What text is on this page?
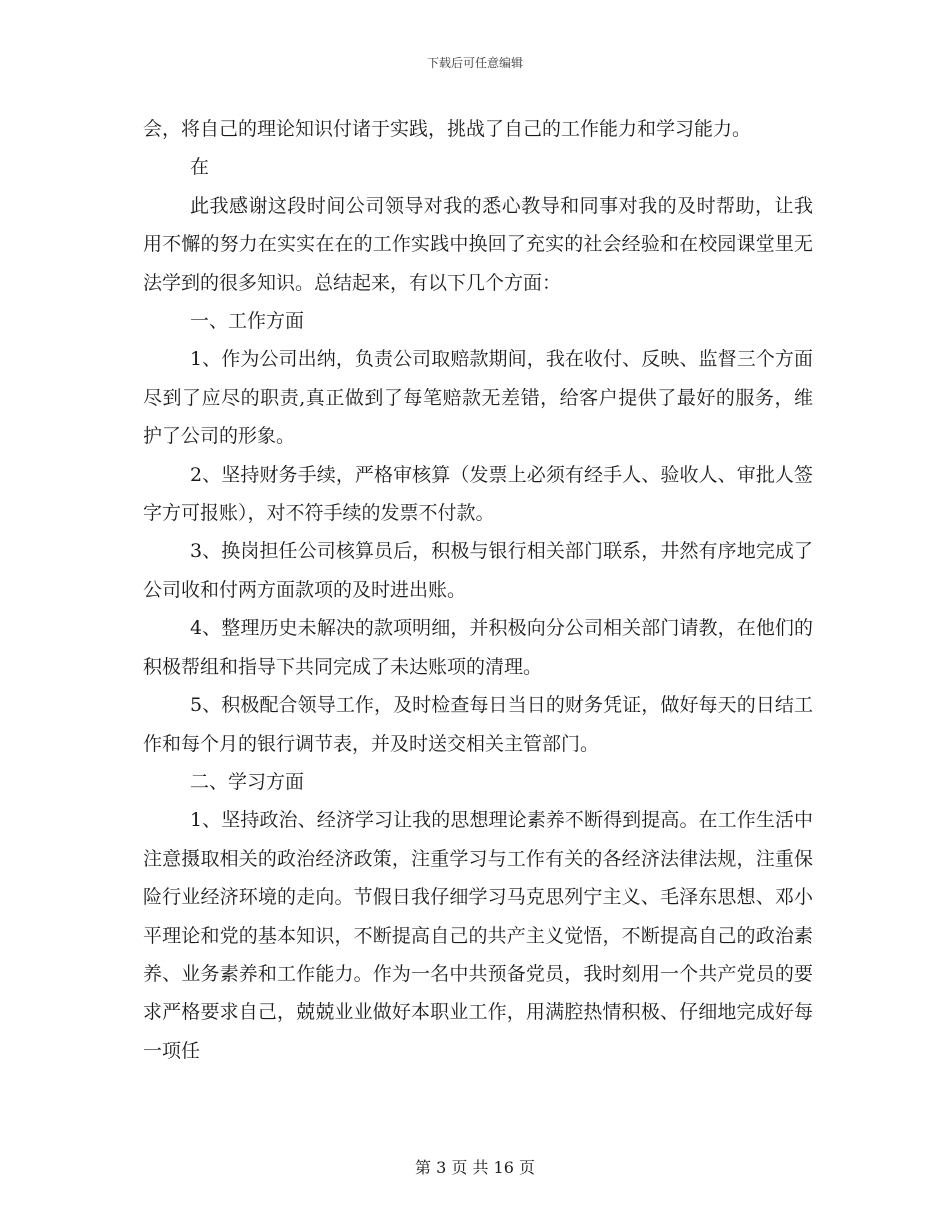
下载后可任意编辑

会，将自己的理论知识付诸于实践，挑战了自己的工作能力和学习能力。

在

此我感谢这段时间公司领导对我的悉心教导和同事对我的及时帮助，让我用不懈的努力在实实在在的工作实践中换回了充实的社会经验和在校园课堂里无法学到的很多知识。总结起来，有以下几个方面：

一、工作方面

1、作为公司出纳，负责公司取赔款期间，我在收付、反映、监督三个方面尽到了应尽的职责,真正做到了每笔赔款无差错，给客户提供了最好的服务，维护了公司的形象。

2、坚持财务手续，严格审核算（发票上必须有经手人、验收人、审批人签字方可报账），对不符手续的发票不付款。

3、换岗担任公司核算员后，积极与银行相关部门联系，井然有序地完成了公司收和付两方面款项的及时进出账。

4、整理历史未解决的款项明细，并积极向分公司相关部门请教，在他们的积极帮组和指导下共同完成了未达账项的清理。

5、积极配合领导工作，及时检查每日当日的财务凭证，做好每天的日结工作和每个月的银行调节表，并及时送交相关主管部门。

二、学习方面

1、坚持政治、经济学习让我的思想理论素养不断得到提高。在工作生活中注意摄取相关的政治经济政策，注重学习与工作有关的各经济法律法规，注重保险行业经济环境的走向。节假日我仔细学习马克思列宁主义、毛泽东思想、邓小平理论和党的基本知识，不断提高自己的共产主义觉悟，不断提高自己的政治素养、业务素养和工作能力。作为一名中共预备党员，我时刻用一个共产党员的要求严格要求自己，兢兢业业做好本职业工作，用满腔热情积极、仔细地完成好每一项任

第 3 页 共 16 页
